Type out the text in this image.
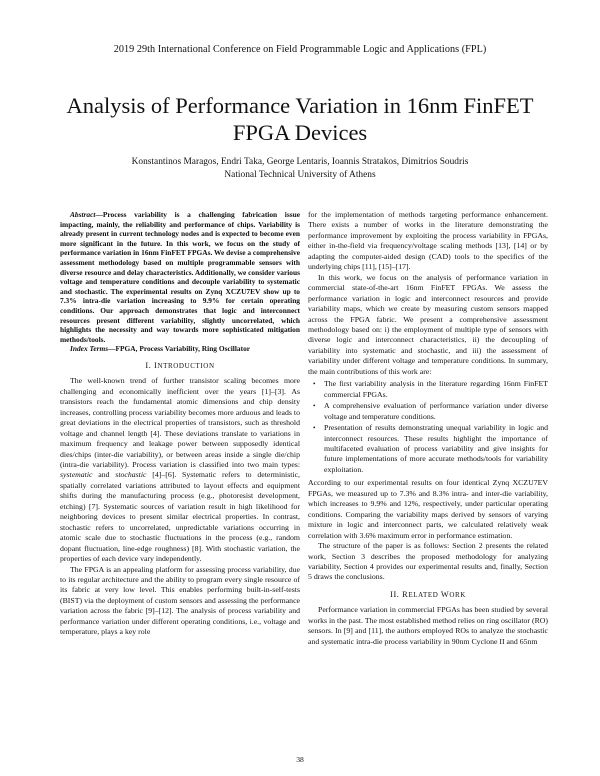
2019 29th International Conference on Field Programmable Logic and Applications (FPL)
Analysis of Performance Variation in 16nm FinFET FPGA Devices
Konstantinos Maragos, Endri Taka, George Lentaris, Ioannis Stratakos, Dimitrios Soudris
National Technical University of Athens

Abstract—Process variability is a challenging fabrication issue impacting, mainly, the reliability and performance of chips. Variability is already present in current technology nodes and is expected to become even more significant in the future. In this work, we focus on the study of performance variation in 16nm FinFET FPGAs. We devise a comprehensive assessment methodology based on multiple programmable sensors with diverse resource and delay characteristics. Additionally, we consider various voltage and temperature conditions and decouple variability to systematic and stochastic. The experimental results on Zynq XCZU7EV show up to 7.3% intra-die variation increasing to 9.9% for certain operating conditions. Our approach demonstrates that logic and interconnect resources present different variability, slightly uncorrelated, which highlights the necessity and way towards more sophisticated mitigation methods/tools.

Index Terms—FPGA, Process Variability, Ring Oscillator

I. INTRODUCTION

The well-known trend of further transistor scaling becomes more challenging and economically inefficient over the years [1]–[3]. As transistors reach the fundamental atomic dimensions and chip density increases, controlling process variability becomes more arduous and leads to great deviations in the electrical properties of transistors, such as threshold voltage and channel length [4]. These deviations translate to variations in maximum frequency and leakage power between supposedly identical dies/chips (inter-die variability), or between areas inside a single die/chip (intra-die variability). Process variation is classified into two main types: systematic and stochastic [4]–[6]. Systematic refers to deterministic, spatially correlated variations attributed to layout effects and equipment shifts during the manufacturing process (e.g., photoresist development, etching) [7]. Systematic sources of variation result in high likelihood for neighboring devices to present similar electrical properties. In contrast, stochastic refers to uncorrelated, unpredictable variations occurring in atomic scale due to stochastic fluctuations in the process (e.g., random dopant fluctuation, line-edge roughness) [8]. With stochastic variation, the properties of each device vary independently.

The FPGA is an appealing platform for assessing process variability, due to its regular architecture and the ability to program every single resource of its fabric at very low level. This enables performing built-in-self-tests (BIST) via the deployment of custom sensors and assessing the performance variation across the fabric [9]–[12]. The analysis of process variability and performance variation under different operating conditions, i.e., voltage and temperature, plays a key role

for the implementation of methods targeting performance enhancement. There exists a number of works in the literature demonstrating the performance improvement by exploiting the process variability in FPGAs, either in-the-field via frequency/voltage scaling methods [13], [14] or by adapting the computer-aided design (CAD) tools to the specifics of the underlying chips [11], [15]–[17].

In this work, we focus on the analysis of performance variation in commercial state-of-the-art 16nm FinFET FPGAs. We assess the performance variation in logic and interconnect resources and provide variability maps, which we create by measuring custom sensors mapped across the FPGA fabric. We present a comprehensive assessment methodology based on: i) the employment of multiple type of sensors with diverse logic and interconnect characteristics, ii) the decoupling of variability into systematic and stochastic, and iii) the assessment of variability under different voltage and temperature conditions. In summary, the main contributions of this work are:

• The first variability analysis in the literature regarding 16nm FinFET commercial FPGAs.
• A comprehensive evaluation of performance variation under diverse voltage and temperature conditions.
• Presentation of results demonstrating unequal variability in logic and interconnect resources. These results highlight the importance of multifaceted evaluation of process variability and give insights for future implementations of more accurate methods/tools for variability exploitation.

According to our experimental results on four identical Zynq XCZU7EV FPGAs, we measured up to 7.3% and 8.3% intra- and inter-die variability, which increases to 9.9% and 12%, respectively, under particular operating conditions. Comparing the variability maps derived by sensors of varying mixture in logic and interconnect parts, we calculated relatively weak correlation with 3.6% maximum error in performance estimation.

The structure of the paper is as follows: Section 2 presents the related work, Section 3 describes the proposed methodology for analyzing variability, Section 4 provides our experimental results and, finally, Section 5 draws the conclusions.

II. RELATED WORK

Performance variation in commercial FPGAs has been studied by several works in the past. The most established method relies on ring oscillator (RO) sensors. In [9] and [11], the authors employed ROs to analyze the stochastic and systematic intra-die process variability in 90nm Cyclone II and 65nm

38
